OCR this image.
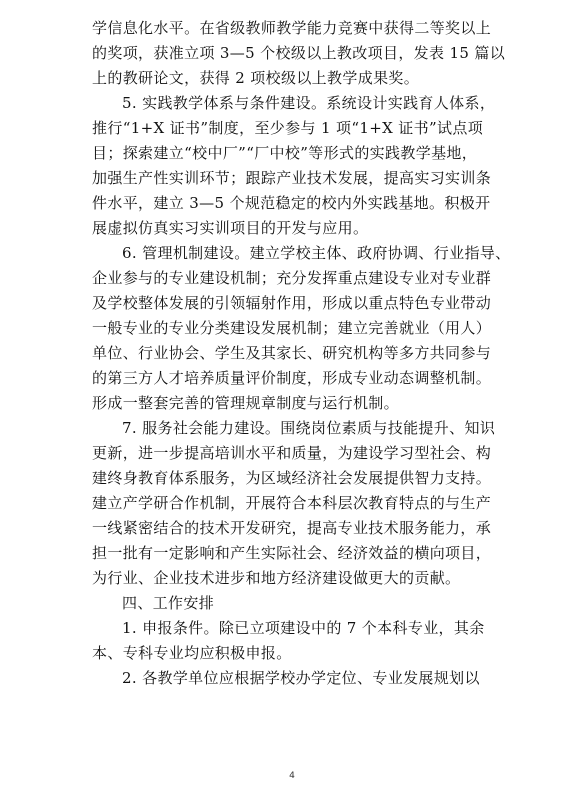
学信息化水平。在省级教师教学能力竞赛中获得二等奖以上
的奖项，获准立项 3—5 个校级以上教改项目，发表 15 篇以
上的教研论文，获得 2 项校级以上教学成果奖。
5. 实践教学体系与条件建设。系统设计实践育人体系，
推行“1+X 证书”制度，至少参与 1 项“1+X 证书”试点项
目；探索建立“校中厂”“厂中校”等形式的实践教学基地，
加强生产性实训环节；跟踪产业技术发展，提高实习实训条
件水平，建立 3—5 个规范稳定的校内外实践基地。积极开
展虚拟仿真实习实训项目的开发与应用。
6. 管理机制建设。建立学校主体、政府协调、行业指导、
企业参与的专业建设机制；充分发挥重点建设专业对专业群
及学校整体发展的引领辐射作用，形成以重点特色专业带动
一般专业的专业分类建设发展机制；建立完善就业（用人）
单位、行业协会、学生及其家长、研究机构等多方共同参与
的第三方人才培养质量评价制度，形成专业动态调整机制。
形成一整套完善的管理规章制度与运行机制。
7. 服务社会能力建设。围绕岗位素质与技能提升、知识
更新，进一步提高培训水平和质量，为建设学习型社会、构
建终身教育体系服务，为区域经济社会发展提供智力支持。
建立产学研合作机制，开展符合本科层次教育特点的与生产
一线紧密结合的技术开发研究，提高专业技术服务能力，承
担一批有一定影响和产生实际社会、经济效益的横向项目，
为行业、企业技术进步和地方经济建设做更大的贡献。
四、工作安排
1. 申报条件。除已立项建设中的 7 个本科专业，其余
本、专科专业均应积极申报。
2. 各教学单位应根据学校办学定位、专业发展规划以
4
